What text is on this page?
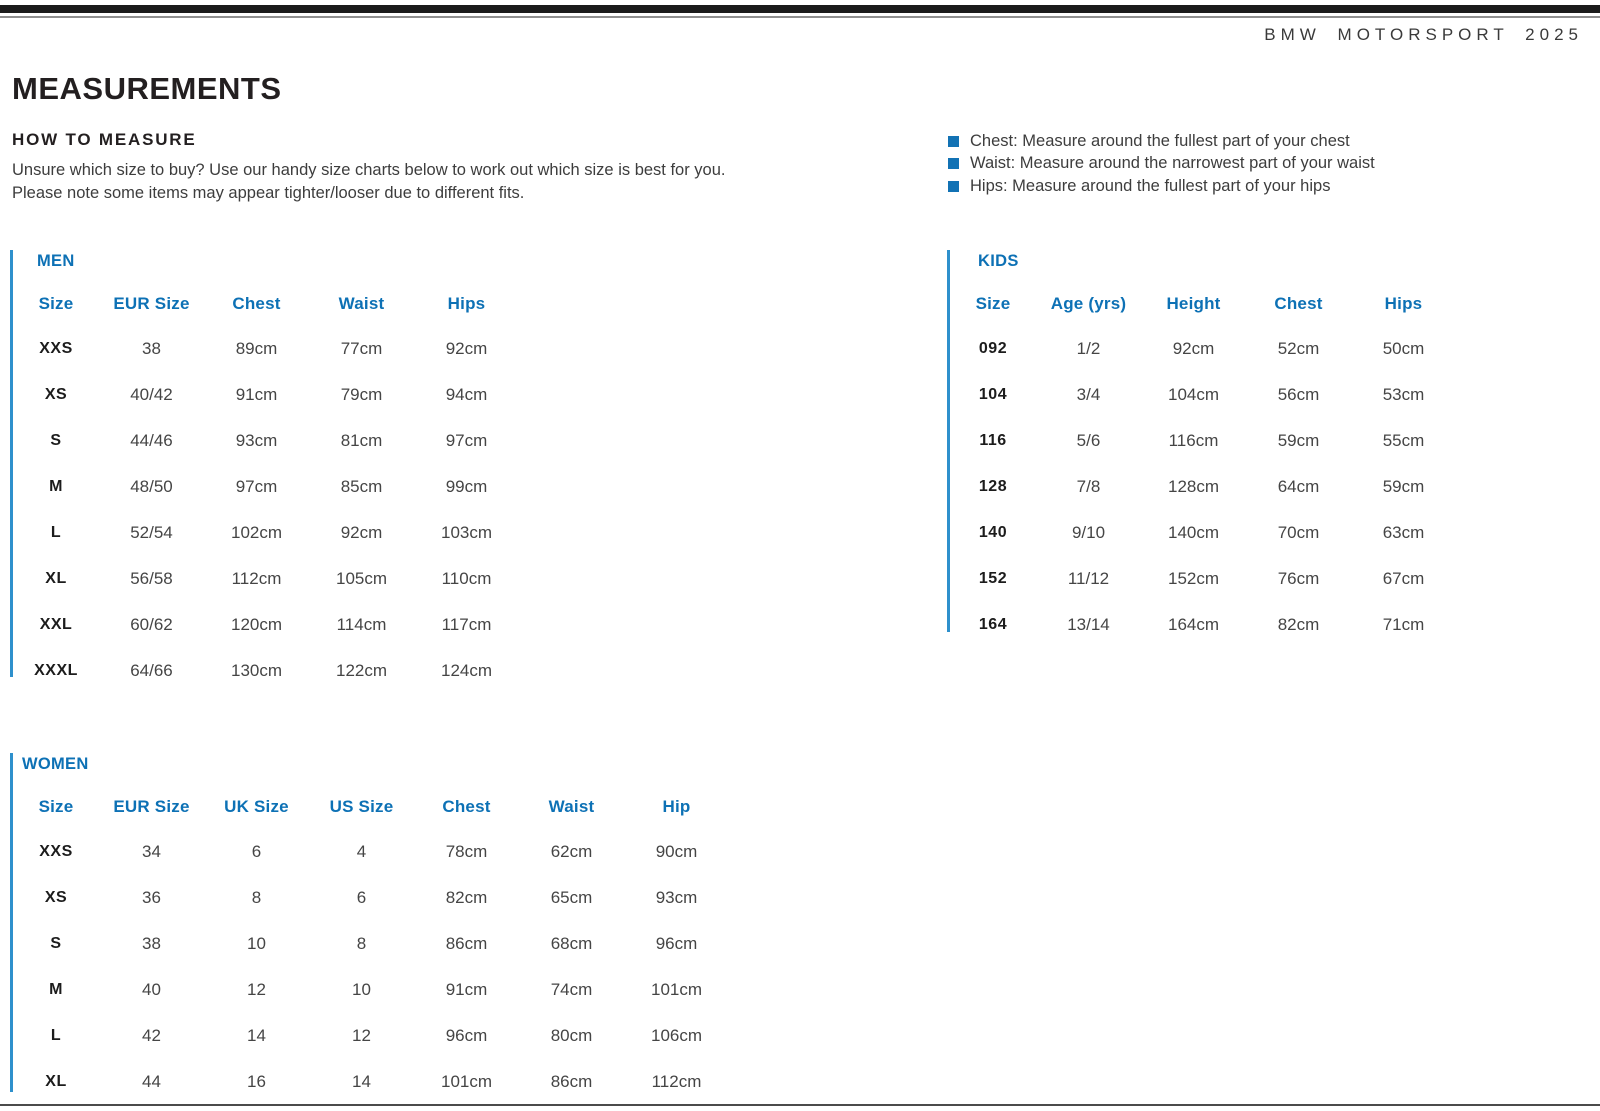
BMW MOTORSPORT 2025
MEASUREMENTS
HOW TO MEASURE
Unsure which size to buy? Use our handy size charts below to work out which size is best for you.
Please note some items may appear tighter/looser due to different fits.
Chest: Measure around the fullest part of your chest
Waist: Measure around the narrowest part of your waist
Hips: Measure around the fullest part of your hips
MEN
Size	EUR Size	Chest	Waist	Hips
XXS	38	89cm	77cm	92cm
XS	40/42	91cm	79cm	94cm
S	44/46	93cm	81cm	97cm
M	48/50	97cm	85cm	99cm
L	52/54	102cm	92cm	103cm
XL	56/58	112cm	105cm	110cm
XXL	60/62	120cm	114cm	117cm
XXXL	64/66	130cm	122cm	124cm
KIDS
Size	Age (yrs)	Height	Chest	Hips
092	1/2	92cm	52cm	50cm
104	3/4	104cm	56cm	53cm
116	5/6	116cm	59cm	55cm
128	7/8	128cm	64cm	59cm
140	9/10	140cm	70cm	63cm
152	11/12	152cm	76cm	67cm
164	13/14	164cm	82cm	71cm
WOMEN
Size	EUR Size	UK Size	US Size	Chest	Waist	Hip
XXS	34	6	4	78cm	62cm	90cm
XS	36	8	6	82cm	65cm	93cm
S	38	10	8	86cm	68cm	96cm
M	40	12	10	91cm	74cm	101cm
L	42	14	12	96cm	80cm	106cm
XL	44	16	14	101cm	86cm	112cm
